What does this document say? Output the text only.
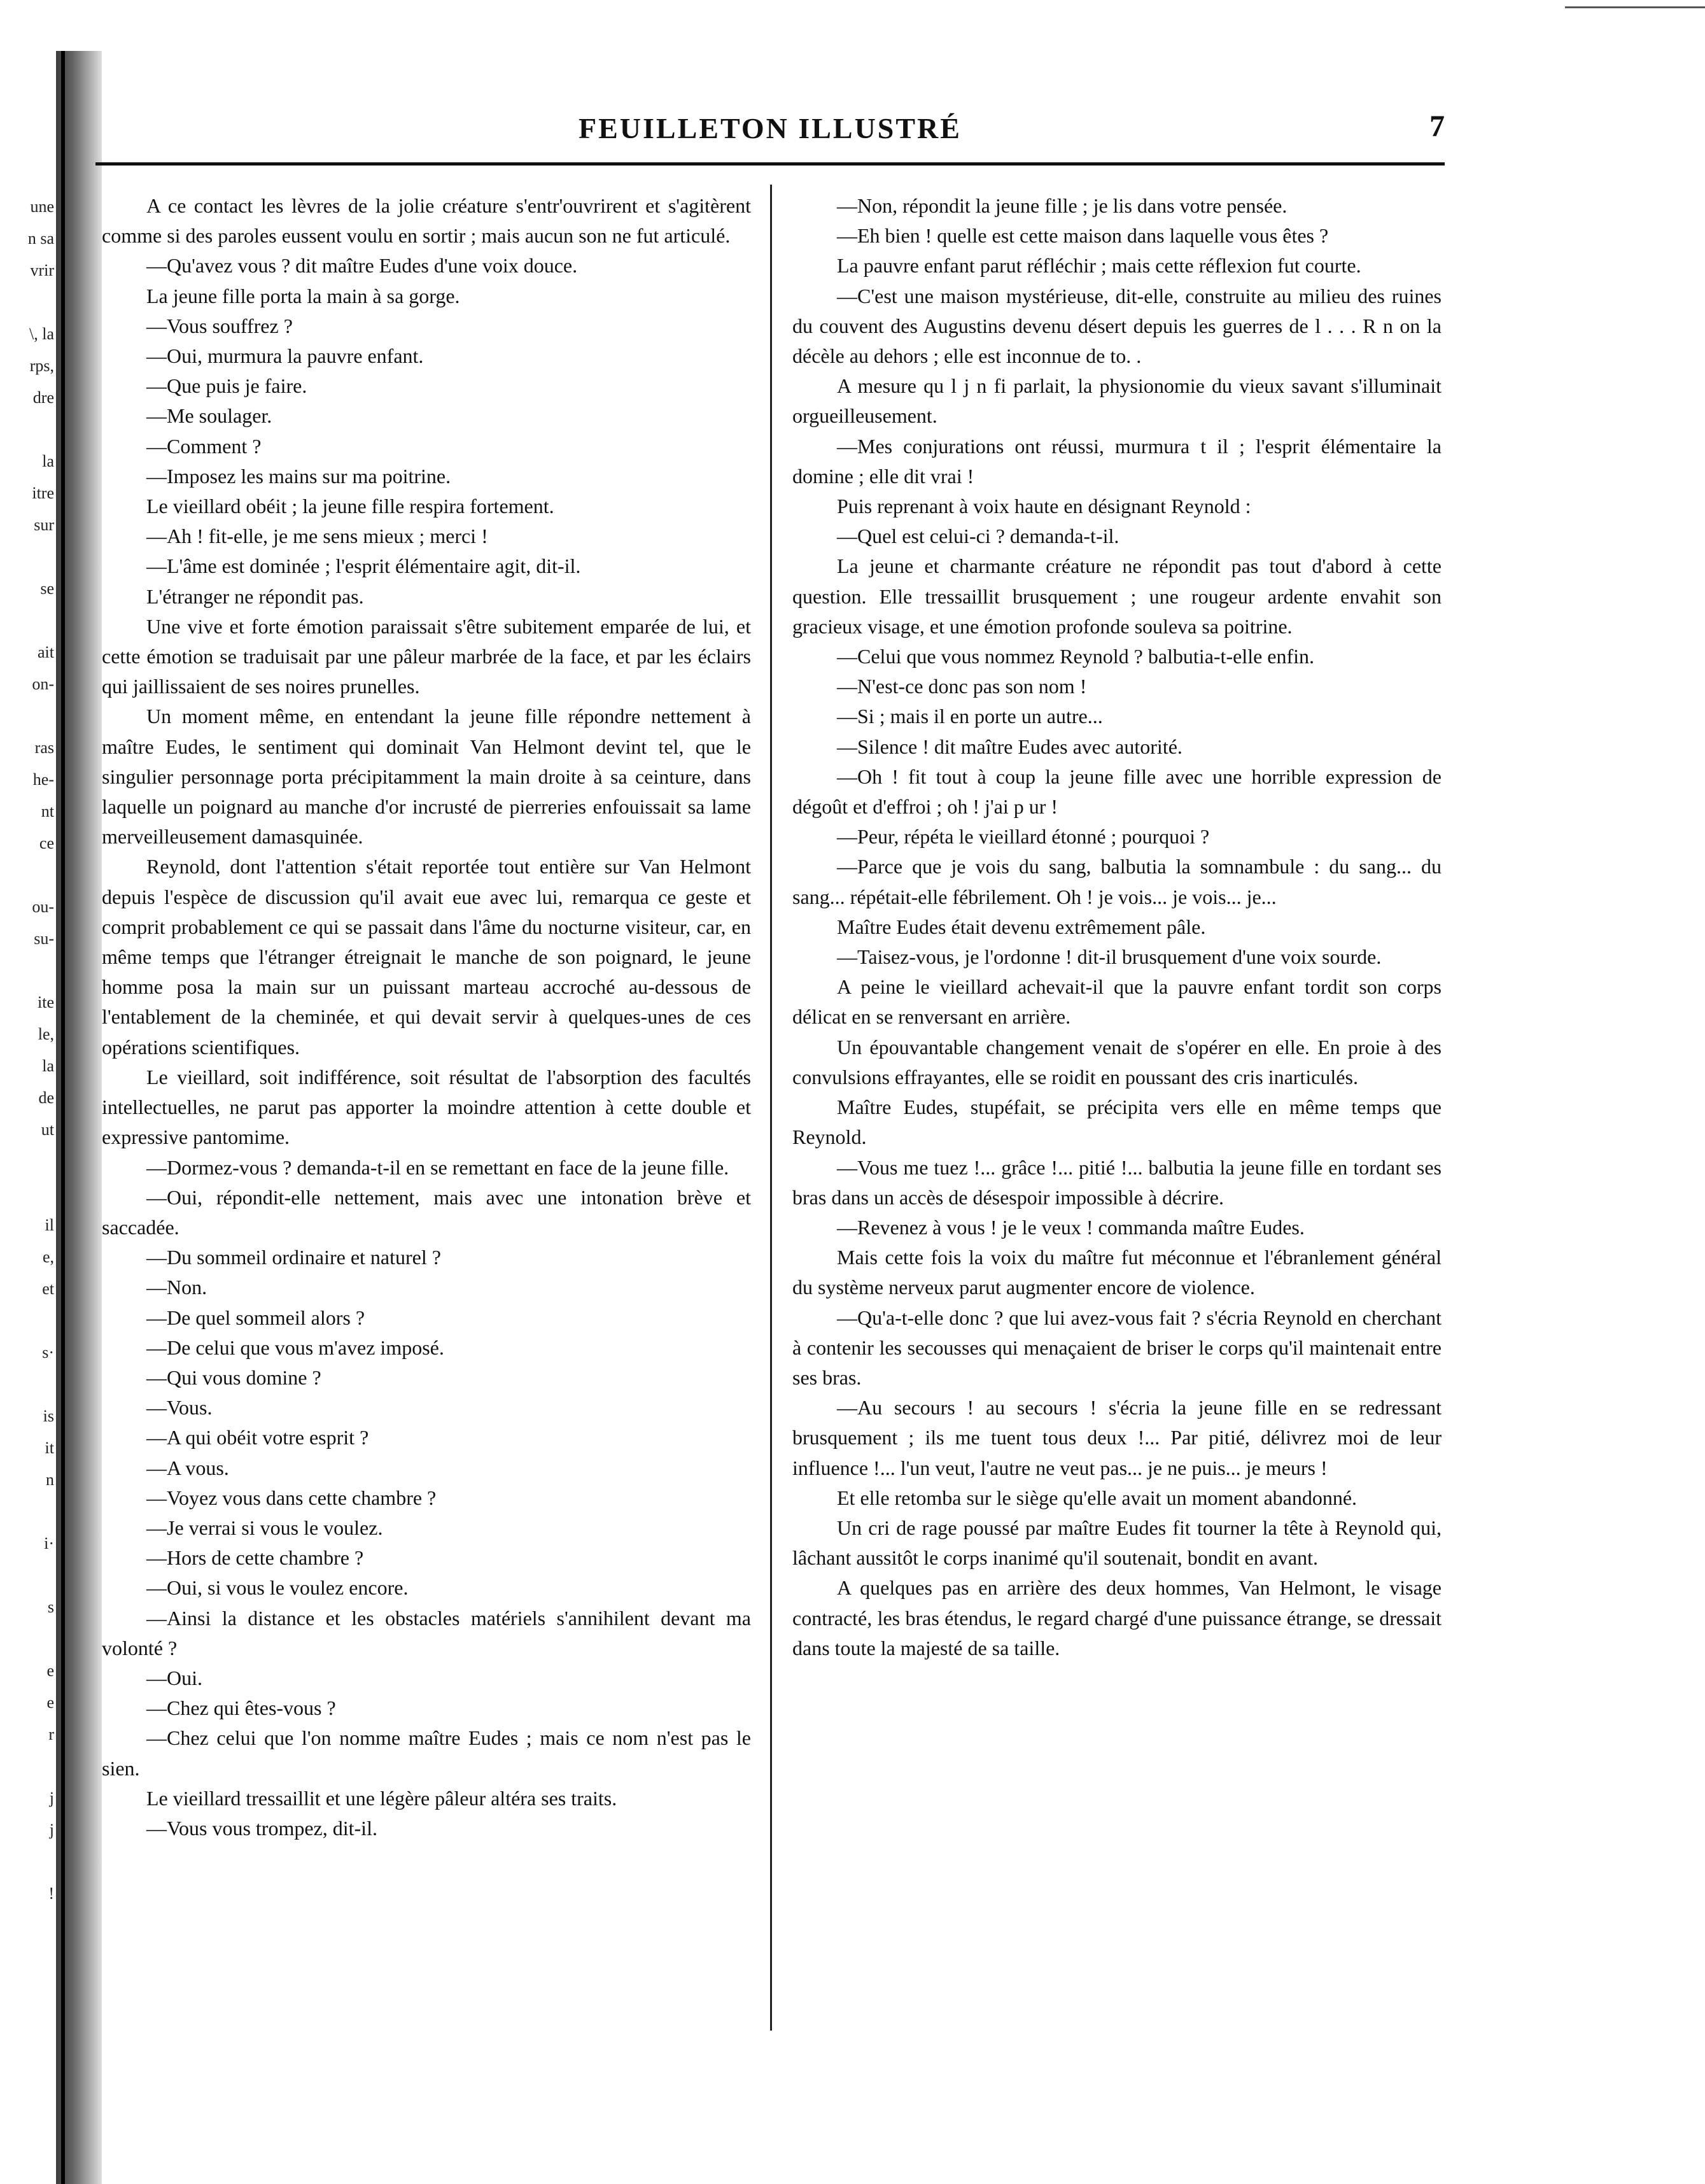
une
n sa
vrir
\, la
rps,
dre
la
itre
sur
se
ait
on-
ras
he-
nt
ce
ou-
su-
ite
le,
la
de
ut
il
e,
et
s·
is
it
n
i·
s
e
e
r
j
j
!
FEUILLETON ILLUSTRÉ	7

A ce contact les lèvres de la jolie créature s'entr'ouvrirent et s'agitèrent comme si des paroles eussent voulu en sortir ; mais aucun son ne fut articulé.

—Qu'avez vous ? dit maître Eudes d'une voix douce.

La jeune fille porta la main à sa gorge.

—Vous souffrez ?

—Oui, murmura la pauvre enfant.

—Que puis je faire.

—Me soulager.

—Comment ?

—Imposez les mains sur ma poitrine.

Le vieillard obéit ; la jeune fille respira fortement.

—Ah ! fit-elle, je me sens mieux ; merci !

—L'âme est dominée ; l'esprit élémentaire agit, dit-il.

L'étranger ne répondit pas.

Une vive et forte émotion paraissait s'être subitement emparée de lui, et cette émotion se traduisait par une pâleur marbrée de la face, et par les éclairs qui jaillissaient de ses noires prunelles.

Un moment même, en entendant la jeune fille répondre nettement à maître Eudes, le sentiment qui dominait Van Helmont devint tel, que le singulier personnage porta précipitamment la main droite à sa ceinture, dans laquelle un poignard au manche d'or incrusté de pierreries enfouissait sa lame merveilleusement damasquinée.

Reynold, dont l'attention s'était reportée tout entière sur Van Helmont depuis l'espèce de discussion qu'il avait eue avec lui, remarqua ce geste et comprit probablement ce qui se passait dans l'âme du nocturne visiteur, car, en même temps que l'étranger étreignait le manche de son poignard, le jeune homme posa la main sur un puissant marteau accroché au-dessous de l'entablement de la cheminée, et qui devait servir à quelques-unes de ces opérations scientifiques.

Le vieillard, soit indifférence, soit résultat de l'absorption des facultés intellectuelles, ne parut pas apporter la moindre attention à cette double et expressive pantomime.

—Dormez-vous ? demanda-t-il en se remettant en face de la jeune fille.

—Oui, répondit-elle nettement, mais avec une intonation brève et saccadée.

—Du sommeil ordinaire et naturel ?

—Non.

—De quel sommeil alors ?

—De celui que vous m'avez imposé.

—Qui vous domine ?

—Vous.

—A qui obéit votre esprit ?

—A vous.

—Voyez vous dans cette chambre ?

—Je verrai si vous le voulez.

—Hors de cette chambre ?

—Oui, si vous le voulez encore.

—Ainsi la distance et les obstacles matériels s'annihilent devant ma volonté ?

—Oui.

—Chez qui êtes-vous ?

—Chez celui que l'on nomme maître Eudes ; mais ce nom n'est pas le sien.

Le vieillard tressaillit et une légère pâleur altéra ses traits.

—Vous vous trompez, dit-il.

—Non, répondit la jeune fille ; je lis dans votre pensée.

—Eh bien ! quelle est cette maison dans laquelle vous êtes ?

La pauvre enfant parut réfléchir ; mais cette réflexion fut courte.

—C'est une maison mystérieuse, dit-elle, construite au milieu des ruines du couvent des Augustins devenu désert depuis les guerres de l . . . R n on la décèle au dehors ; elle est inconnue de to. .

A mesure qu l j n fi parlait, la physionomie du vieux savant s'illuminait orgueilleusement.

—Mes conjurations ont réussi, murmura t il ; l'esprit élémentaire la domine ; elle dit vrai !

Puis reprenant à voix haute en désignant Reynold :

—Quel est celui-ci ? demanda-t-il.

La jeune et charmante créature ne répondit pas tout d'abord à cette question. Elle tressaillit brusquement ; une rougeur ardente envahit son gracieux visage, et une émotion profonde souleva sa poitrine.

—Celui que vous nommez Reynold ? balbutia-t-elle enfin.

—N'est-ce donc pas son nom !

—Si ; mais il en porte un autre...

—Silence ! dit maître Eudes avec autorité.

—Oh ! fit tout à coup la jeune fille avec une horrible expression de dégoût et d'effroi ; oh ! j'ai p ur !

—Peur, répéta le vieillard étonné ; pourquoi ?

—Parce que je vois du sang, balbutia la somnambule : du sang... du sang... répétait-elle fébrilement. Oh ! je vois... je vois... je...

Maître Eudes était devenu extrêmement pâle.

—Taisez-vous, je l'ordonne ! dit-il brusquement d'une voix sourde.

A peine le vieillard achevait-il que la pauvre enfant tordit son corps délicat en se renversant en arrière.

Un épouvantable changement venait de s'opérer en elle. En proie à des convulsions effrayantes, elle se roidit en poussant des cris inarticulés.

Maître Eudes, stupéfait, se précipita vers elle en même temps que Reynold.

—Vous me tuez !... grâce !... pitié !... balbutia la jeune fille en tordant ses bras dans un accès de désespoir impossible à décrire.

—Revenez à vous ! je le veux ! commanda maître Eudes.

Mais cette fois la voix du maître fut méconnue et l'ébranlement général du système nerveux parut augmenter encore de violence.

—Qu'a-t-elle donc ? que lui avez-vous fait ? s'écria Reynold en cherchant à contenir les secousses qui menaçaient de briser le corps qu'il maintenait entre ses bras.

—Au secours ! au secours ! s'écria la jeune fille en se redressant brusquement ; ils me tuent tous deux !... Par pitié, délivrez moi de leur influence !... l'un veut, l'autre ne veut pas... je ne puis... je meurs !

Et elle retomba sur le siège qu'elle avait un moment abandonné.

Un cri de rage poussé par maître Eudes fit tourner la tête à Reynold qui, lâchant aussitôt le corps inanimé qu'il soutenait, bondit en avant.

A quelques pas en arrière des deux hommes, Van Helmont, le visage contracté, les bras étendus, le regard chargé d'une puissance étrange, se dressait dans toute la majesté de sa taille.
